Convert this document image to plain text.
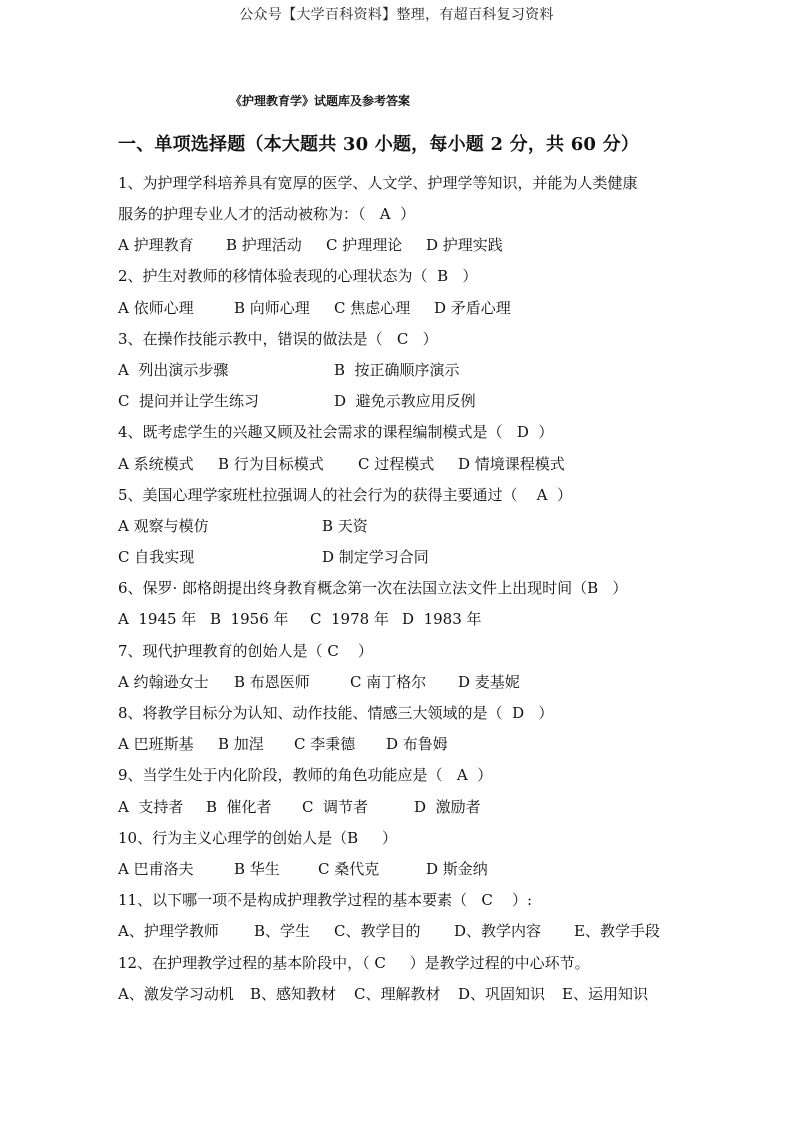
公众号【大学百科资料】整理，有超百科复习资料
《护理教育学》试题库及参考答案
一、单项选择题（本大题共 30 小题，每小题 2 分，共 60 分）
1、为护理学科培养具有宽厚的医学、人文学、护理学等知识，并能为人类健康
服务的护理专业人才的活动被称为：（   A  ）
A 护理教育 B 护理活动 C 护理理论 D 护理实践
2、护生对教师的移情体验表现的心理状态为（  B   ）
A 依师心理	B 向师心理 C 焦虑心理 D 矛盾心理
3、在操作技能示教中，错误的做法是（   C   ）
A  列出演示步骤	B  按正确顺序演示
C  提问并让学生练习	D  避免示教应用反例
4、既考虑学生的兴趣又顾及社会需求的课程编制模式是（   D  ）
A 系统模式 B 行为目标模式 C 过程模式 D 情境课程模式
5、美国心理学家班杜拉强调人的社会行为的获得主要通过（    A  ）
A 观察与模仿	B 天资
C 自我实现	D 制定学习合同
6、保罗· 郎格朗提出终身教育概念第一次在法国立法文件上出现时间（B   ）
A  1945 年 B  1956 年 C  1978 年 D  1983 年
7、现代护理教育的创始人是（ C    ）
A 约翰逊女士 B 布恩医师	C 南丁格尔 D 麦基妮
8、将教学目标分为认知、动作技能、情感三大领域的是（  D   ）
A 巴班斯基 B 加涅 C 李秉德 D 布鲁姆
9、当学生处于内化阶段，教师的角色功能应是（   A  ）
A  支持者 B  催化者 C  调节者	D  激励者
10、行为主义心理学的创始人是（B     ）
A 巴甫洛夫	B 华生	C 桑代克	D 斯金纳
11、以下哪一项不是构成护理教学过程的基本要素（   C    ）:
A、护理学教师 B、学生 C、教学目的 D、教学内容 E、教学手段
12、在护理教学过程的基本阶段中，（ C     ）是教学过程的中心环节。
A、激发学习动机 B、感知教材 C、理解教材 D、巩固知识 E、运用知识
